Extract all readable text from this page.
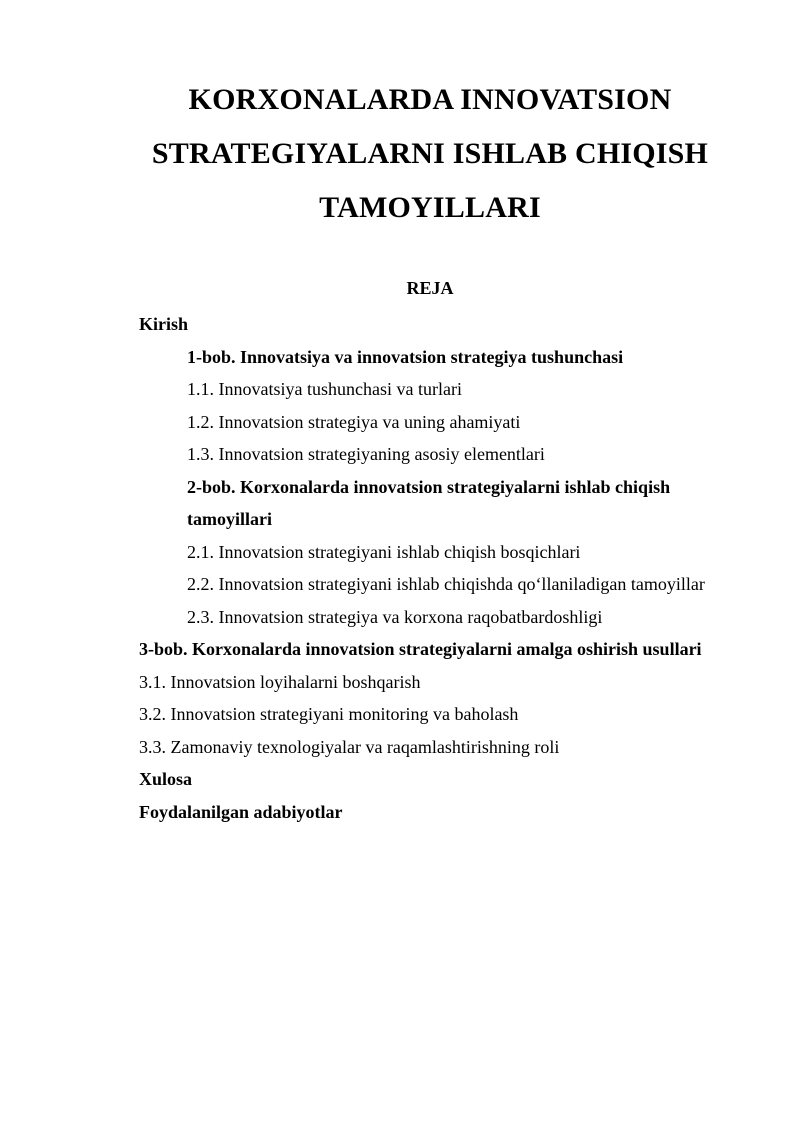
KORXONALARDA INNOVATSION
STRATEGIYALARNI ISHLAB CHIQISH
TAMOYILLARI
REJA
Kirish
1-bob. Innovatsiya va innovatsion strategiya tushunchasi
1.1. Innovatsiya tushunchasi va turlari
1.2. Innovatsion strategiya va uning ahamiyati
1.3. Innovatsion strategiyaning asosiy elementlari
2-bob. Korxonalarda innovatsion strategiyalarni ishlab chiqish
tamoyillari
2.1. Innovatsion strategiyani ishlab chiqish bosqichlari
2.2. Innovatsion strategiyani ishlab chiqishda qo‘llaniladigan tamoyillar
2.3. Innovatsion strategiya va korxona raqobatbardoshligi
3-bob. Korxonalarda innovatsion strategiyalarni amalga oshirish usullari
3.1. Innovatsion loyihalarni boshqarish
3.2. Innovatsion strategiyani monitoring va baholash
3.3. Zamonaviy texnologiyalar va raqamlashtirishning roli
Xulosa
Foydalanilgan adabiyotlar
